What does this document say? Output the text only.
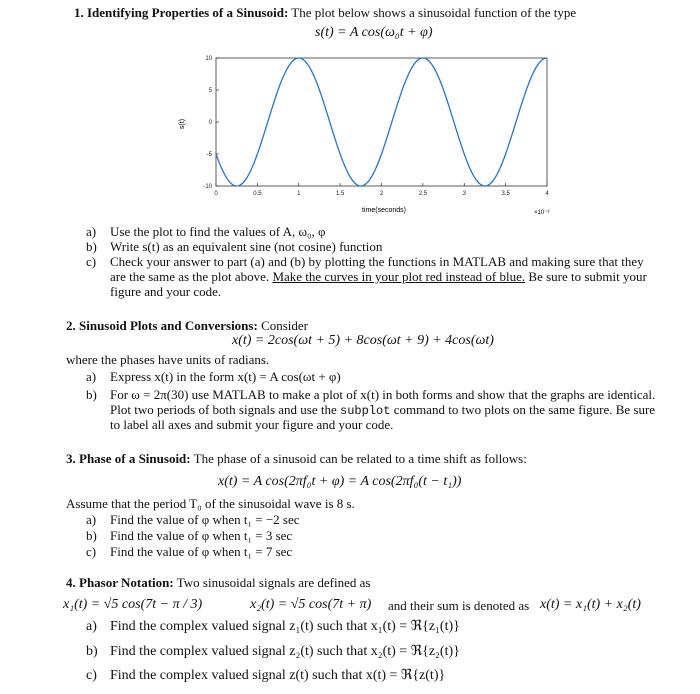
1. Identifying Properties of a Sinusoid: The plot below shows a sinusoidal function of the type
s(t) = A cos(ω₀t + φ)
0	0.5	1	1.5	2	2.5	3	3.5	4
10
5
0
-5
-10
time(seconds)	×10⁻³
s(t)
a) Use the plot to find the values of A, ω₀, φ
b) Write s(t) as an equivalent sine (not cosine) function
c) Check your answer to part (a) and (b) by plotting the functions in MATLAB and making sure that they
are the same as the plot above. Make the curves in your plot red instead of blue. Be sure to submit your
figure and your code.
2. Sinusoid Plots and Conversions: Consider
x(t) = 2cos(ωt + 5) + 8cos(ωt + 9) + 4cos(ωt)
where the phases have units of radians.
a) Express x(t) in the form x(t) = A cos(ωt + φ)
b) For ω = 2π(30) use MATLAB to make a plot of x(t) in both forms and show that the graphs are identical.
Plot two periods of both signals and use the subplot command to two plots on the same figure. Be sure
to label all axes and submit your figure and your code.
3. Phase of a Sinusoid: The phase of a sinusoid can be related to a time shift as follows:
x(t) = A cos(2πf₀t + φ) = A cos(2πf₀(t − t₁))
Assume that the period T₀ of the sinusoidal wave is 8 s.
a) Find the value of φ when t₁ = −2 sec
b) Find the value of φ when t₁ = 3 sec
c) Find the value of φ when t₁ = 7 sec
4. Phasor Notation: Two sinusoidal signals are defined as
x₁(t) = √5 cos(7t − π / 3)	x₂(t) = √5 cos(7t + π) and their sum is denoted as x(t) = x₁(t) + x₂(t)
a) Find the complex valued signal z₁(t) such that x₁(t) = ℜ{z₁(t)}
b) Find the complex valued signal z₂(t) such that x₂(t) = ℜ{z₂(t)}
c) Find the complex valued signal z(t) such that x(t) = ℜ{z(t)}
